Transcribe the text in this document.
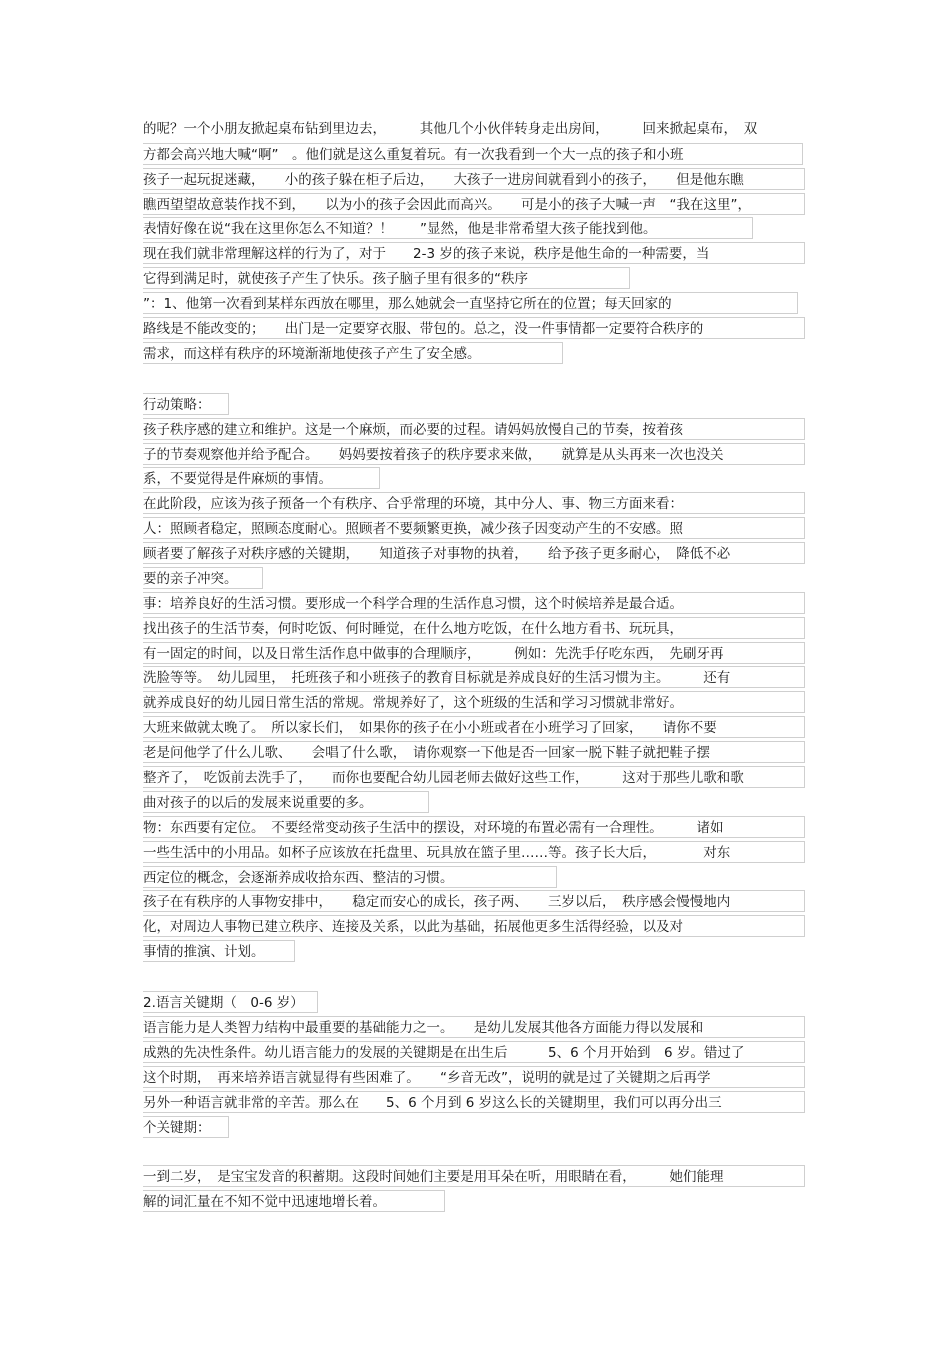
的呢？一个小朋友掀起桌布钻到里边去，　　　其他几个小伙伴转身走出房间，　　　回来掀起桌布，　双
方都会高兴地大喊“啊”　。他们就是这么重复着玩。有一次我看到一个大一点的孩子和小班
孩子一起玩捉迷藏，　　小的孩子躲在柜子后边，　　大孩子一进房间就看到小的孩子，　　但是他东瞧
瞧西望望故意装作找不到，　　以为小的孩子会因此而高兴。　　可是小的孩子大喊一声　“我在这里”，
表情好像在说“我在这里你怎么不知道？！　　”显然，他是非常希望大孩子能找到他。
现在我们就非常理解这样的行为了，对于　　2-3 岁的孩子来说，秩序是他生命的一种需要，当
它得到满足时，就使孩子产生了快乐。孩子脑子里有很多的“秩序
”：1、他第一次看到某样东西放在哪里，那么她就会一直坚持它所在的位置；每天回家的
路线是不能改变的；　　出门是一定要穿衣服、带包的。总之，没一件事情都一定要符合秩序的
需求，而这样有秩序的环境渐渐地使孩子产生了安全感。
行动策略：
孩子秩序感的建立和维护。这是一个麻烦，而必要的过程。请妈妈放慢自己的节奏，按着孩
子的节奏观察他并给予配合。　　妈妈要按着孩子的秩序要求来做，　　就算是从头再来一次也没关
系，不要觉得是件麻烦的事情。
在此阶段，应该为孩子预备一个有秩序、合乎常理的环境，其中分人、事、物三方面来看：
人：照顾者稳定，照顾态度耐心。照顾者不要频繁更换，减少孩子因变动产生的不安感。照
顾者要了解孩子对秩序感的关键期，　　知道孩子对事物的执着，　　给予孩子更多耐心，　降低不必
要的亲子冲突。
事：培养良好的生活习惯。要形成一个科学合理的生活作息习惯，这个时候培养是最合适。
找出孩子的生活节奏，何时吃饭、何时睡觉，在什么地方吃饭，在什么地方看书、玩玩具，
有一固定的时间，以及日常生活作息中做事的合理顺序，　　　例如：先洗手仔吃东西，　先刷牙再
洗脸等等。　幼儿园里，　托班孩子和小班孩子的教育目标就是养成良好的生活习惯为主。　　　还有
就养成良好的幼儿园日常生活的常规。常规养好了，这个班级的生活和学习习惯就非常好。
大班来做就太晚了。　所以家长们，　如果你的孩子在小小班或者在小班学习了回家，　　请你不要
老是问他学了什么儿歌、　　会唱了什么歌，　请你观察一下他是否一回家一脱下鞋子就把鞋子摆
整齐了，　吃饭前去洗手了，　　而你也要配合幼儿园老师去做好这些工作，　　　这对于那些儿歌和歌
曲对孩子的以后的发展来说重要的多。
物：东西要有定位。　不要经常变动孩子生活中的摆设，对环境的布置必需有一合理性。　　　诸如
一些生活中的小用品。如杯子应该放在托盘里、玩具放在篮子里……等。孩子长大后，　　　　对东
西定位的概念，会逐渐养成收拾东西、整洁的习惯。
孩子在有秩序的人事物安排中，　　稳定而安心的成长，孩子两、　　三岁以后，　秩序感会慢慢地内
化，对周边人事物已建立秩序、连接及关系，以此为基础，拓展他更多生活得经验，以及对
事情的推演、计划。
2.语言关键期（　0-6 岁）
语言能力是人类智力结构中最重要的基础能力之一。　　是幼儿发展其他各方面能力得以发展和
成熟的先决性条件。幼儿语言能力的发展的关键期是在出生后　　　5、6 个月开始到　6 岁。错过了
这个时期，　再来培养语言就显得有些困难了。　　“乡音无改”，说明的就是过了关键期之后再学
另外一种语言就非常的辛苦。那么在　　5、6 个月到 6 岁这么长的关键期里，我们可以再分出三
个关键期：
一到二岁，　是宝宝发音的积蓄期。这段时间她们主要是用耳朵在听，用眼睛在看，　　　她们能理
解的词汇量在不知不觉中迅速地增长着。
